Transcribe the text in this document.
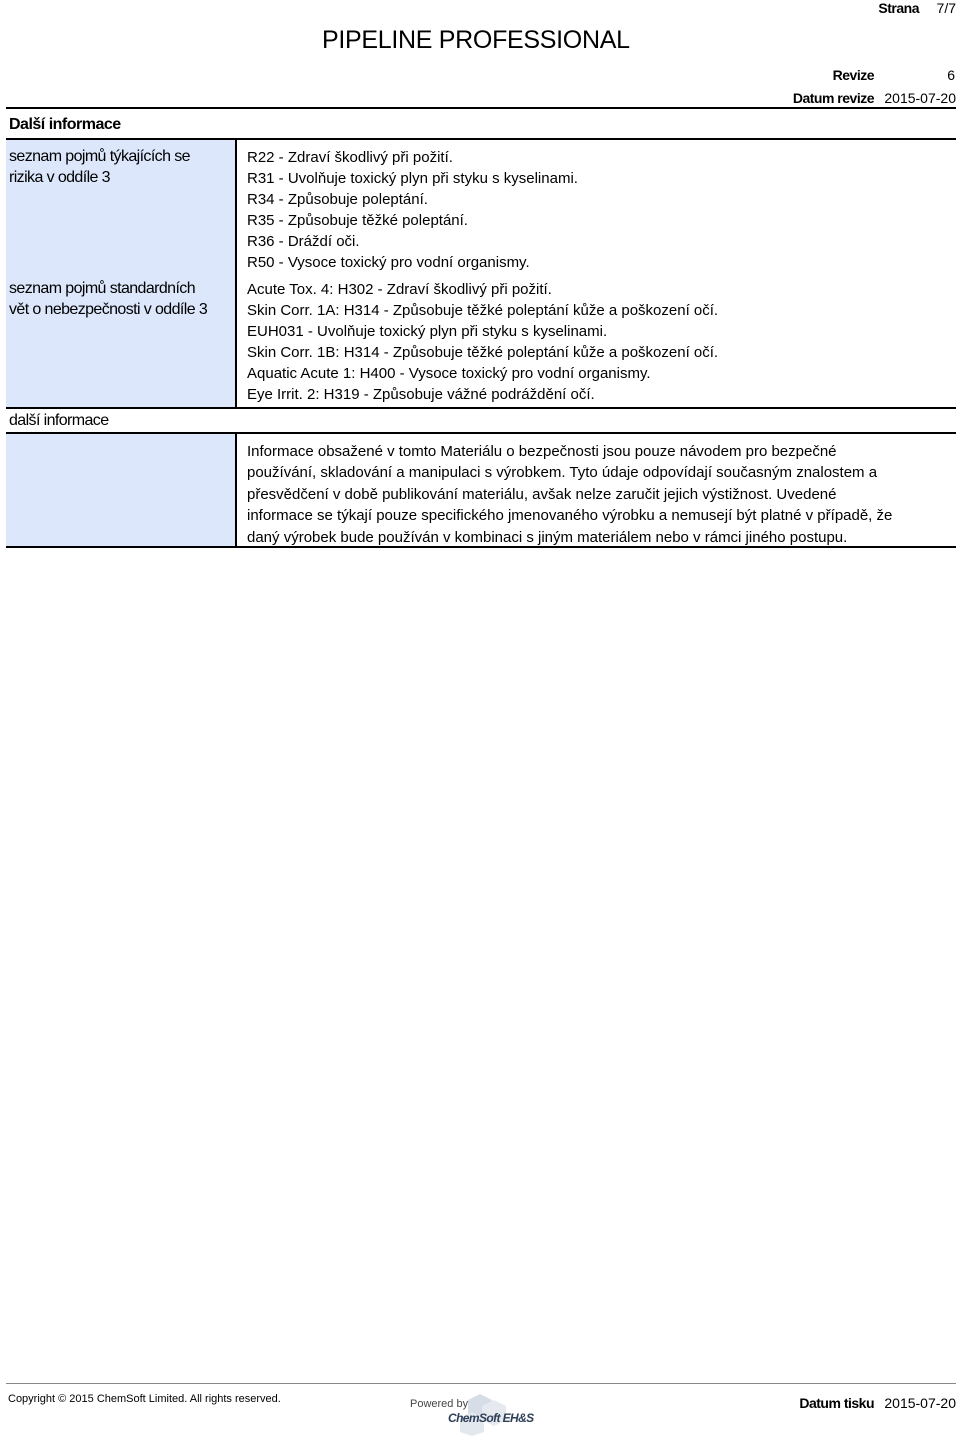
Strana 7/7
PIPELINE PROFESSIONAL
Revize	6
Datum revize 2015-07-20
Další informace
seznam pojmů týkajících se
rizika v oddíle 3
R22 - Zdraví škodlivý při požití.
R31 - Uvolňuje toxický plyn při styku s kyselinami.
R34 - Způsobuje poleptání.
R35 - Způsobuje těžké poleptání.
R36 - Dráždí oči.
R50 - Vysoce toxický pro vodní organismy.
seznam pojmů standardních
vět o nebezpečnosti v oddíle 3
Acute Tox. 4: H302 - Zdraví škodlivý při požití.
Skin Corr. 1A: H314 - Způsobuje těžké poleptání kůže a poškození očí.
EUH031 - Uvolňuje toxický plyn při styku s kyselinami.
Skin Corr. 1B: H314 - Způsobuje těžké poleptání kůže a poškození očí.
Aquatic Acute 1: H400 - Vysoce toxický pro vodní organismy.
Eye Irrit. 2: H319 - Způsobuje vážné podráždění očí.
další informace
Informace obsažené v tomto Materiálu o bezpečnosti jsou pouze návodem pro bezpečné
používání, skladování a manipulaci s výrobkem. Tyto údaje odpovídají současným znalostem a
přesvědčení v době publikování materiálu, avšak nelze zaručit jejich výstižnost. Uvedené
informace se týkají pouze specifického jmenovaného výrobku a nemusejí být platné v případě, že
daný výrobek bude používán v kombinaci s jiným materiálem nebo v rámci jiného postupu.
Copyright © 2015 ChemSoft Limited. All rights reserved.	Powered by
ChemSoft EH&S
Datum tisku 2015-07-20
